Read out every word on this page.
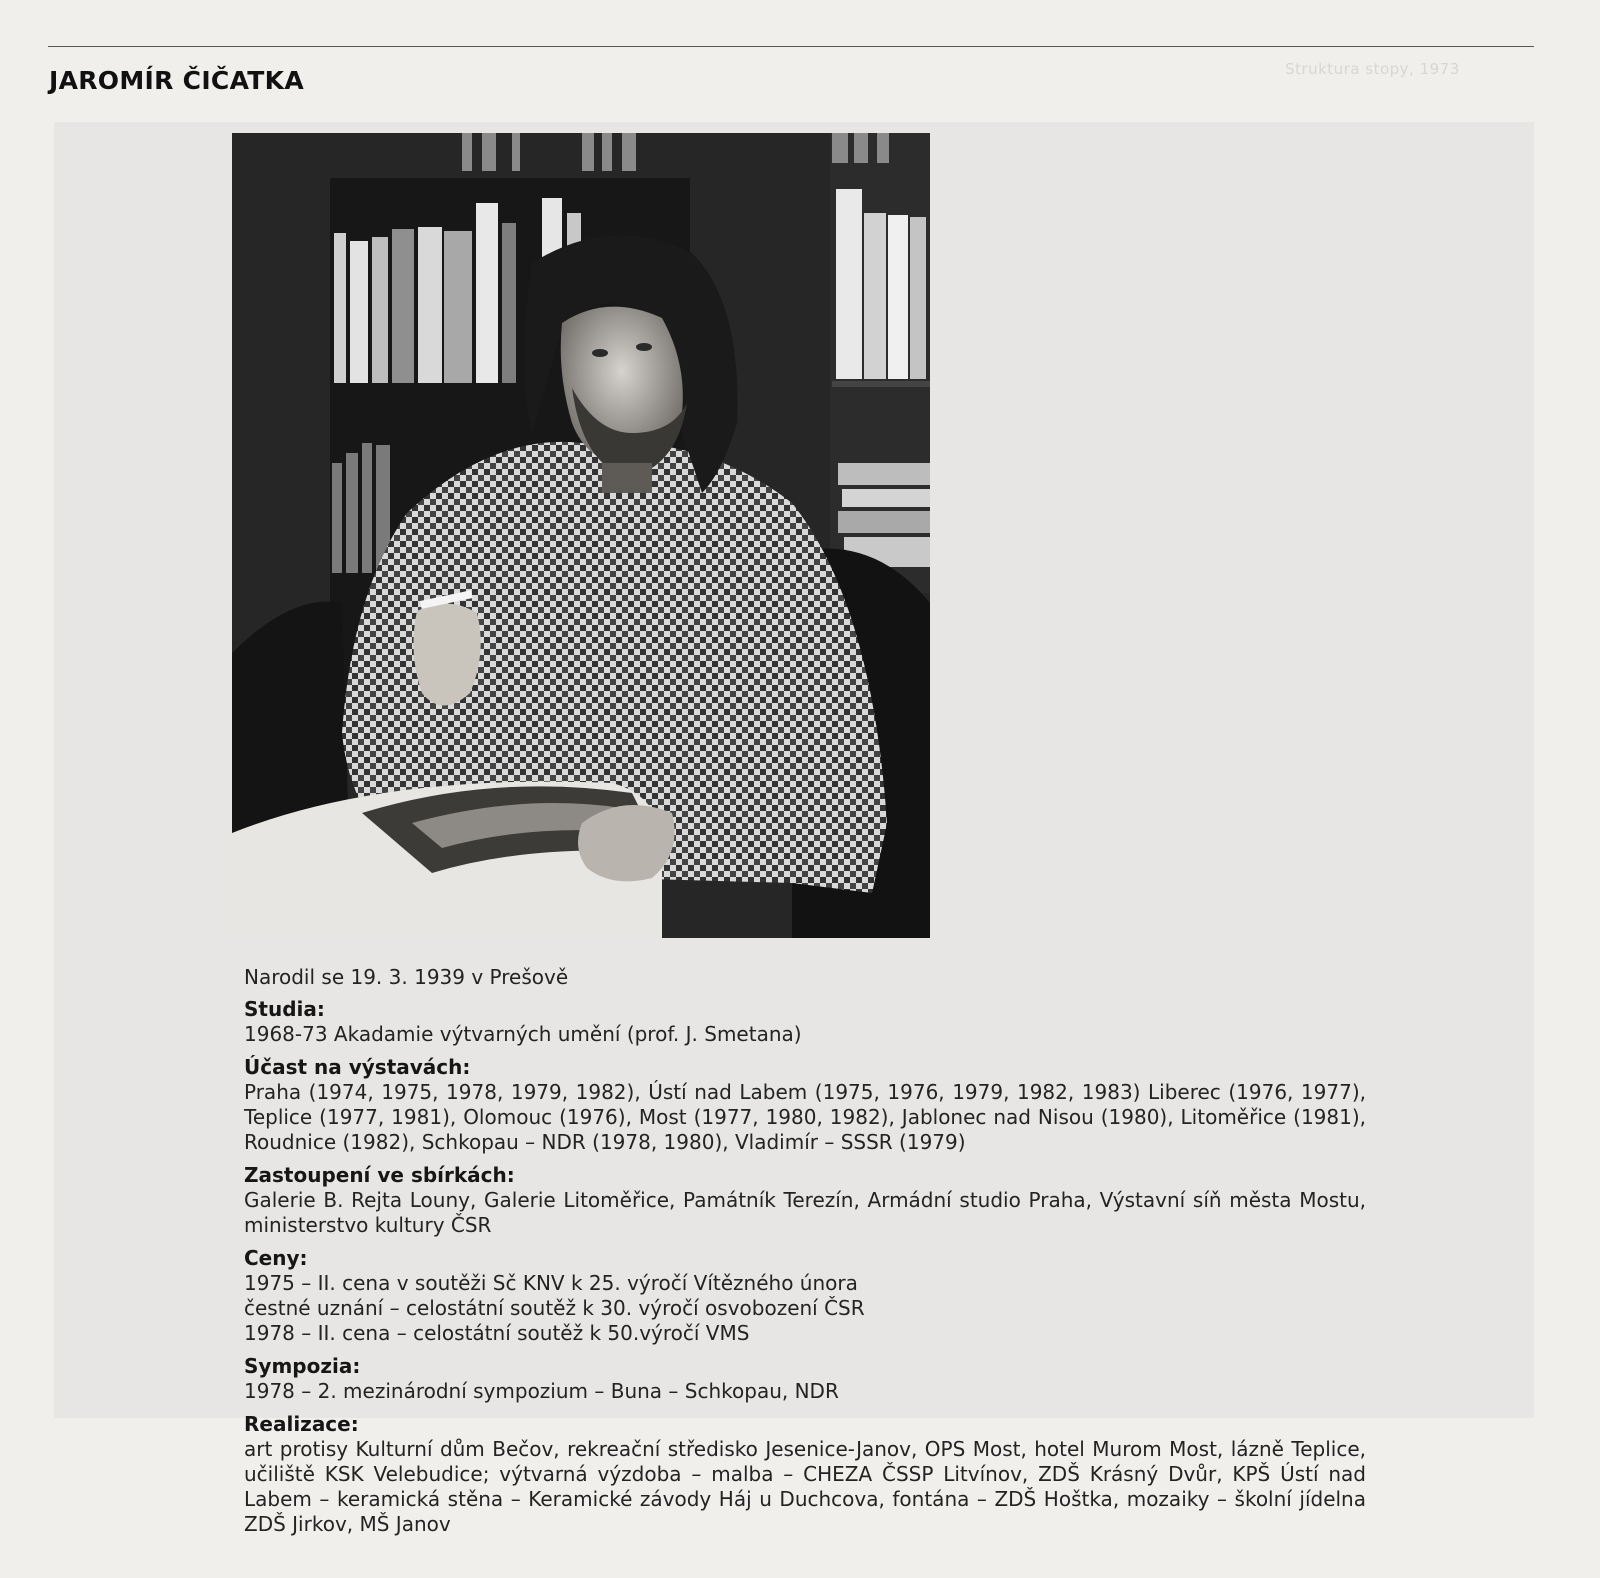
Struktura stopy, 1973
JAROMÍR ČIČATKA

Narodil se 19. 3. 1939 v Prešově

Studia:

1968-73 Akadamie výtvarných umění (prof. J. Smetana)

Účast na výstavách:

Praha (1974, 1975, 1978, 1979, 1982), Ústí nad Labem (1975, 1976, 1979, 1982, 1983) Liberec (1976, 1977), Teplice (1977, 1981), Olomouc (1976), Most (1977, 1980, 1982), Jablonec nad Nisou (1980), Litoměřice (1981), Roudnice (1982), Schkopau – NDR (1978, 1980), Vladimír – SSSR (1979)

Zastoupení ve sbírkách:

Galerie B. Rejta Louny, Galerie Litoměřice, Památník Terezín, Armádní studio Praha, Výstavní síň města Mostu, ministerstvo kultury ČSR

Ceny:

1975 – II. cena v soutěži Sč KNV k 25. výročí Vítězného února
čestné uznání – celostátní soutěž k 30. výročí osvobození ČSR
1978 – II. cena – celostátní soutěž k 50.výročí VMS

Sympozia:

1978 – 2. mezinárodní sympozium – Buna – Schkopau, NDR

Realizace:

art protisy Kulturní dům Bečov, rekreační středisko Jesenice-Janov, OPS Most, hotel Murom Most, lázně Teplice, učiliště KSK Velebudice; výtvarná výzdoba – malba – CHEZA ČSSP Litvínov, ZDŠ Krásný Dvůr, KPŠ Ústí nad Labem – keramická stěna – Keramické závody Háj u Duchcova, fontána – ZDŠ Hoštka, mozaiky – školní jídelna ZDŠ Jirkov, MŠ Janov
